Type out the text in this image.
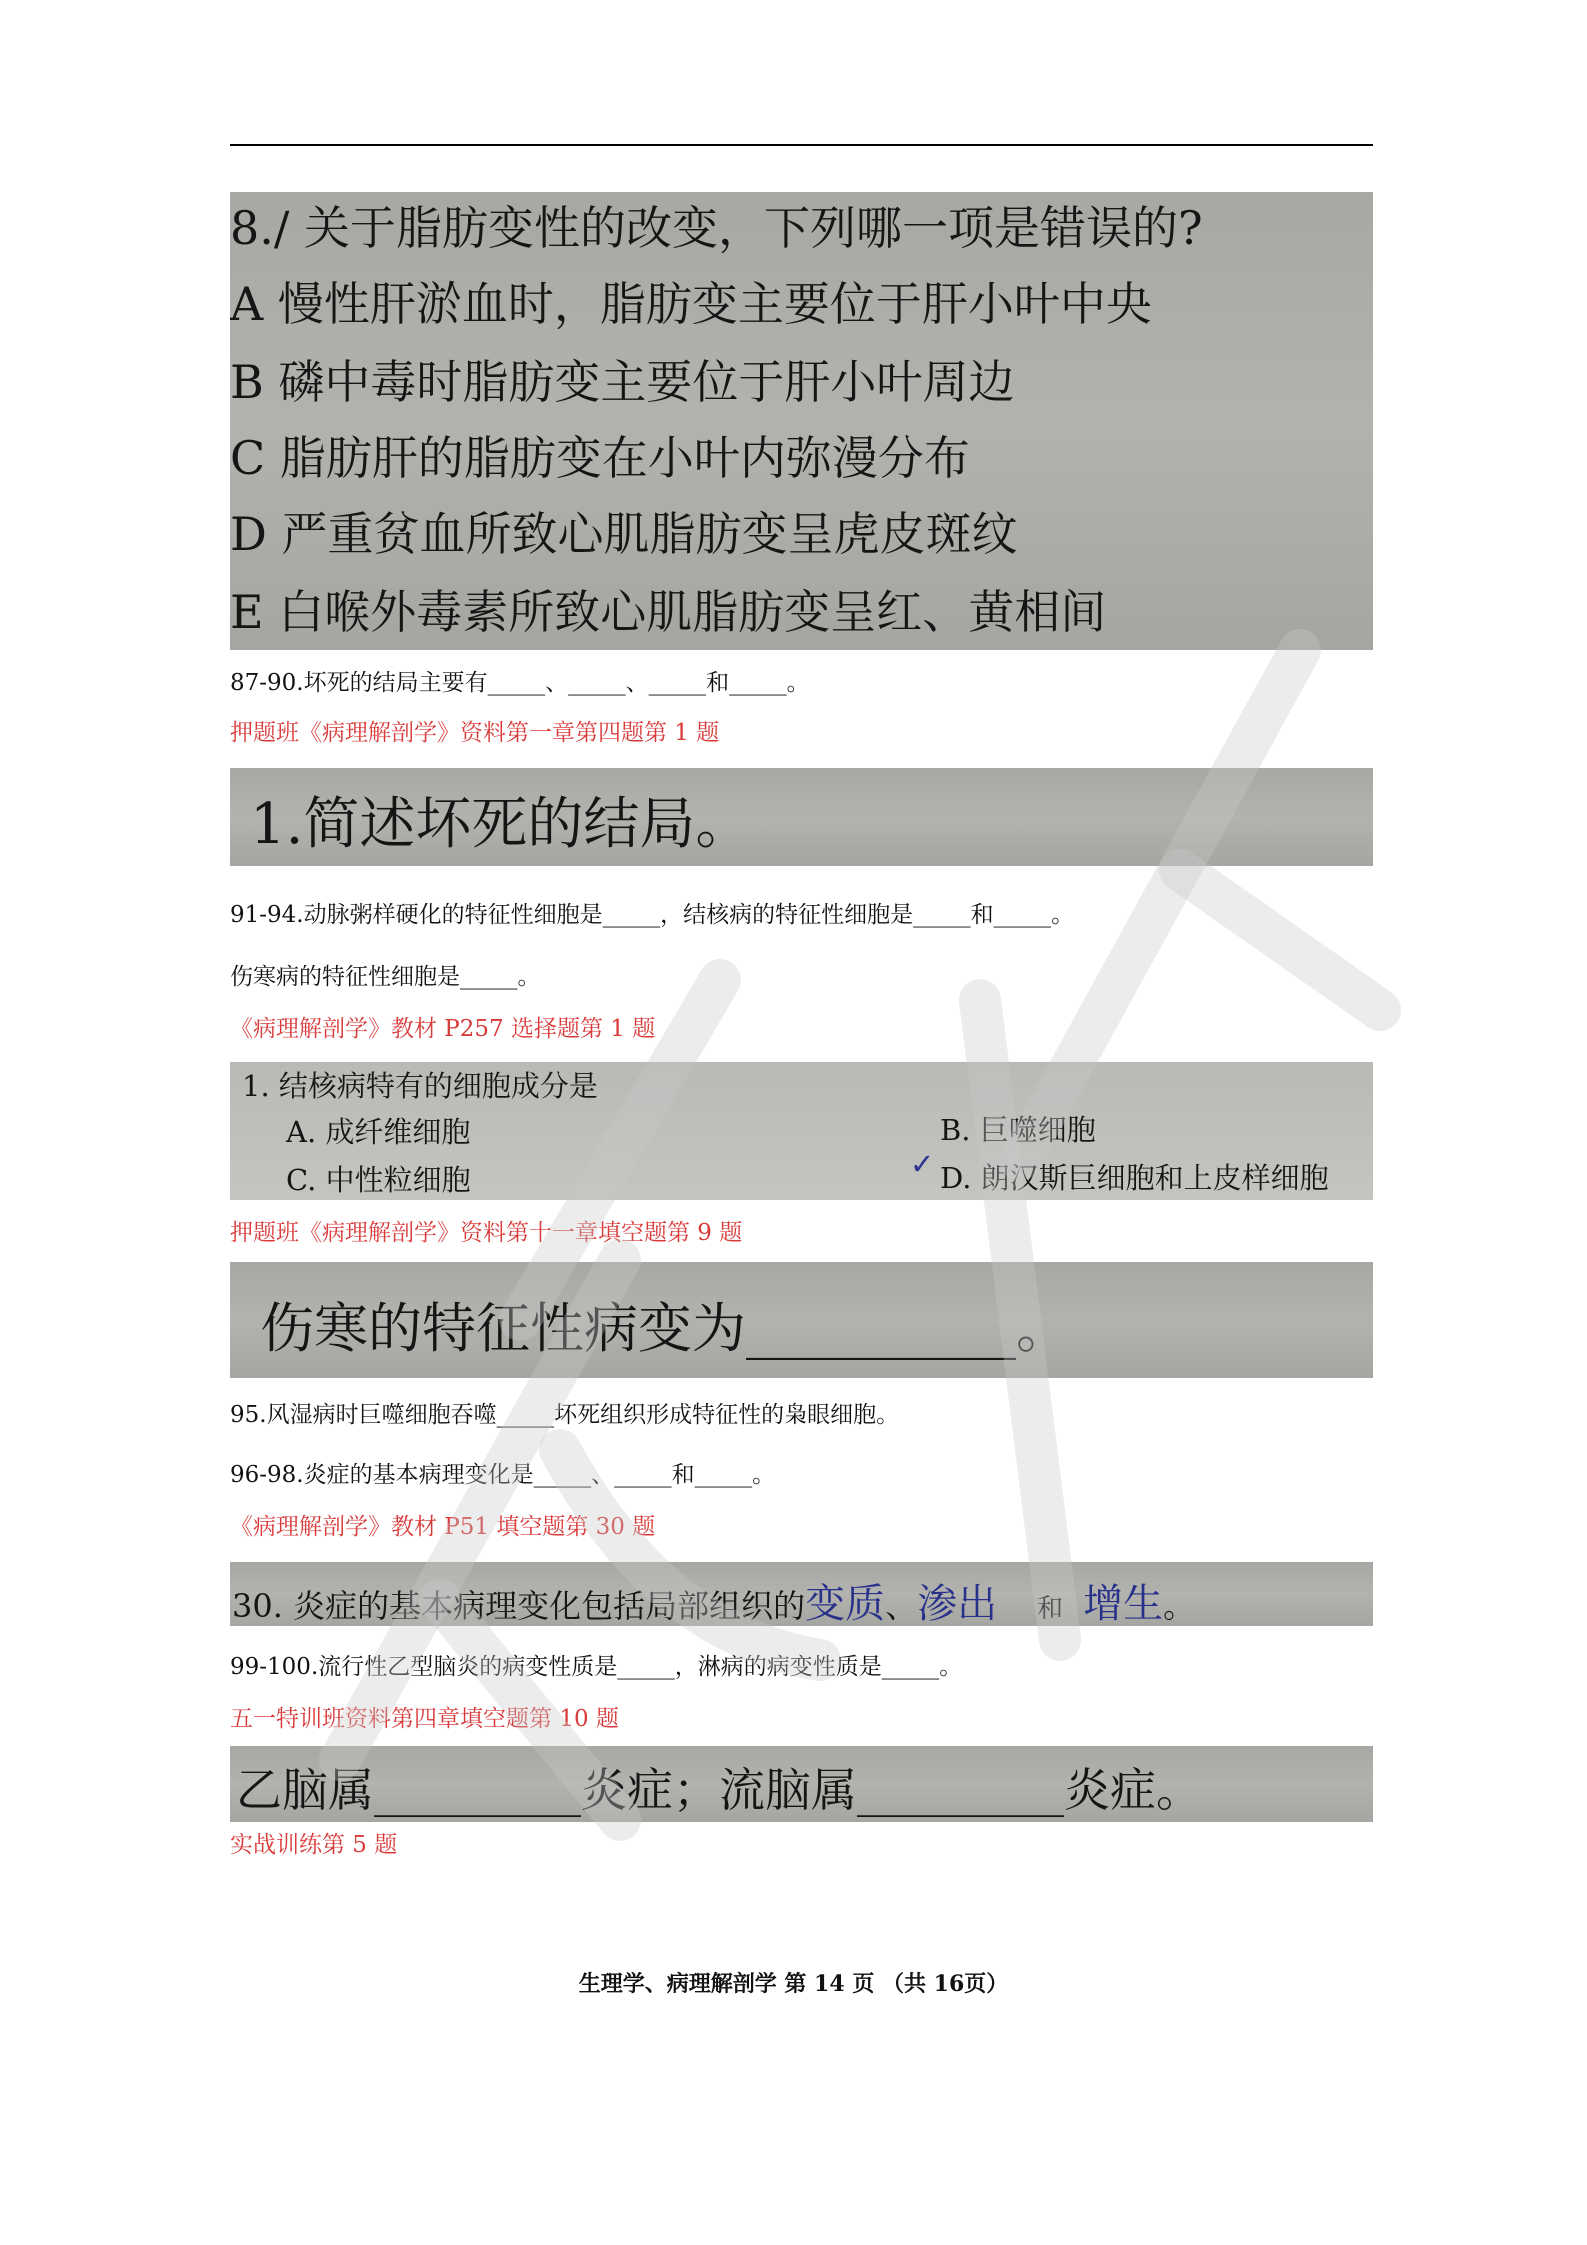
8./ 关于脂肪变性的改变，下列哪一项是错误的?
A 慢性肝淤血时，脂肪变主要位于肝小叶中央
B 磷中毒时脂肪变主要位于肝小叶周边
C 脂肪肝的脂肪变在小叶内弥漫分布
D 严重贫血所致心肌脂肪变呈虎皮斑纹
E 白喉外毒素所致心肌脂肪变呈红、黄相间
87-90.坏死的结局主要有_____、_____、_____和_____。
押题班《病理解剖学》资料第一章第四题第 1 题
1.简述坏死的结局。
91-94.动脉粥样硬化的特征性细胞是_____，结核病的特征性细胞是_____和_____。
伤寒病的特征性细胞是_____。
《病理解剖学》教材 P257 选择题第 1 题
1. 结核病特有的细胞成分是
A. 成纤维细胞	B. 巨噬细胞
C. 中性粒细胞	D. 朗汉斯巨细胞和上皮样细胞
✓
押题班《病理解剖学》资料第十一章填空题第 9 题
伤寒的特征性病变为__________。
95.风湿病时巨噬细胞吞噬_____坏死组织形成特征性的枭眼细胞。
96-98.炎症的基本病理变化是_____、_____和_____。
《病理解剖学》教材 P51 填空题第 30 题
30. 炎症的基本病理变化包括局部组织的变质、渗出 和 增生。
99-100.流行性乙型脑炎的病变性质是_____，淋病的病变性质是_____。
五一特训班资料第四章填空题第 10 题
乙脑属_________炎症；流脑属_________炎症。
实战训练第 5 题
生理学、病理解剖学 第 14 页 （共 16页）
